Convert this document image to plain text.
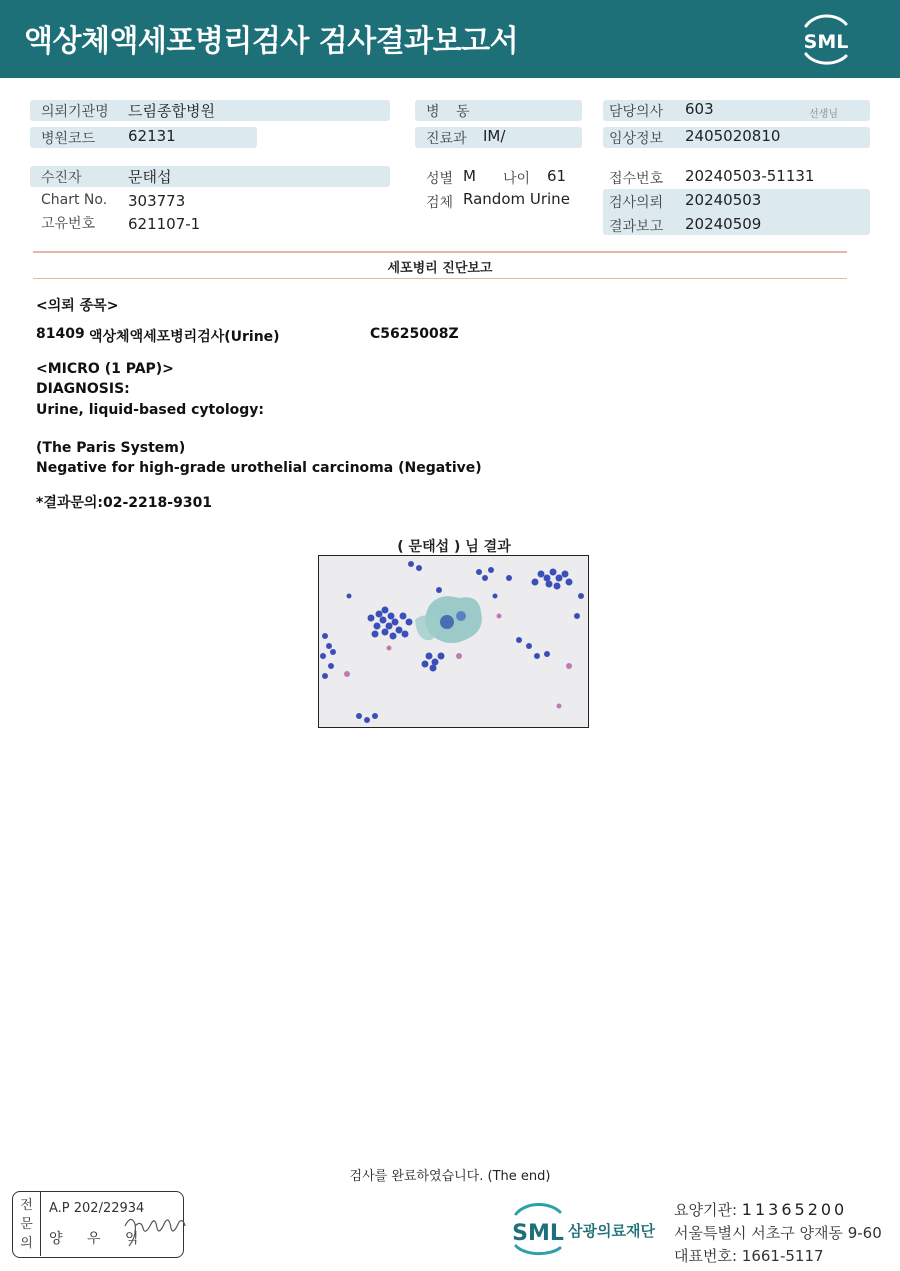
액상체액세포병리검사 검사결과보고서	SML
의뢰기관명 드림종합병원
병원코드 62131
수진자	문태섭
Chart No. 303773
고유번호 621107-1
병 동
진료과 IM/
성별 M 나이 61
검체 Random Urine
담당의사 603	선생님
임상정보 2405020810
접수번호 20240503-51131
검사의뢰 20240503
결과보고 20240509
세포병리 진단보고
<의뢰 종목>
81409 액상체액세포병리검사(Urine)	C5625008Z
<MICRO (1 PAP)>
DIAGNOSIS:
Urine, liquid-based cytology:
(The Paris System)
Negative for high-grade urothelial carcinoma (Negative)
*결과문의:02-2218-9301
( 문태섭 ) 님 결과
검사를 완료하였습니다. (The end)
전
문
의
A.P 202/22934
양 우 익	SML 삼광의료재단
요양기관: 11365200
서울특별시 서초구 양재동 9-60
대표번호: 1661-5117
